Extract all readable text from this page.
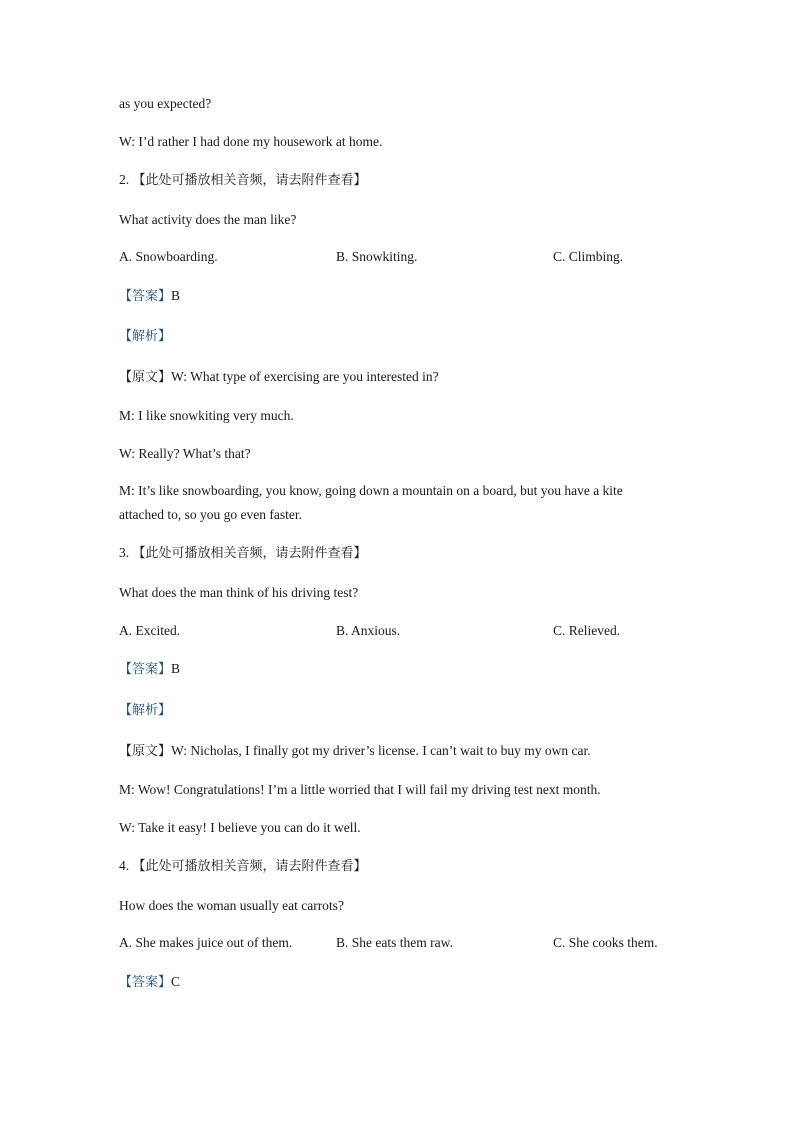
as you expected?
W: I’d rather I had done my housework at home.
2. 【此处可播放相关音频，请去附件查看】
What activity does the man like?
A. Snowboarding.	B. Snowkiting.	C. Climbing.
【答案】B
【解析】
【原文】W: What type of exercising are you interested in?
M: I like snowkiting very much.
W: Really? What’s that?
M: It’s like snowboarding, you know, going down a mountain on a board, but you have a kite
attached to, so you go even faster.
3. 【此处可播放相关音频，请去附件查看】
What does the man think of his driving test?
A. Excited.	B. Anxious.	C. Relieved.
【答案】B
【解析】
【原文】W: Nicholas, I finally got my driver’s license. I can’t wait to buy my own car.
M: Wow! Congratulations! I’m a little worried that I will fail my driving test next month.
W: Take it easy! I believe you can do it well.
4. 【此处可播放相关音频，请去附件查看】
How does the woman usually eat carrots?
A. She makes juice out of them.	B. She eats them raw.	C. She cooks them.
【答案】C
